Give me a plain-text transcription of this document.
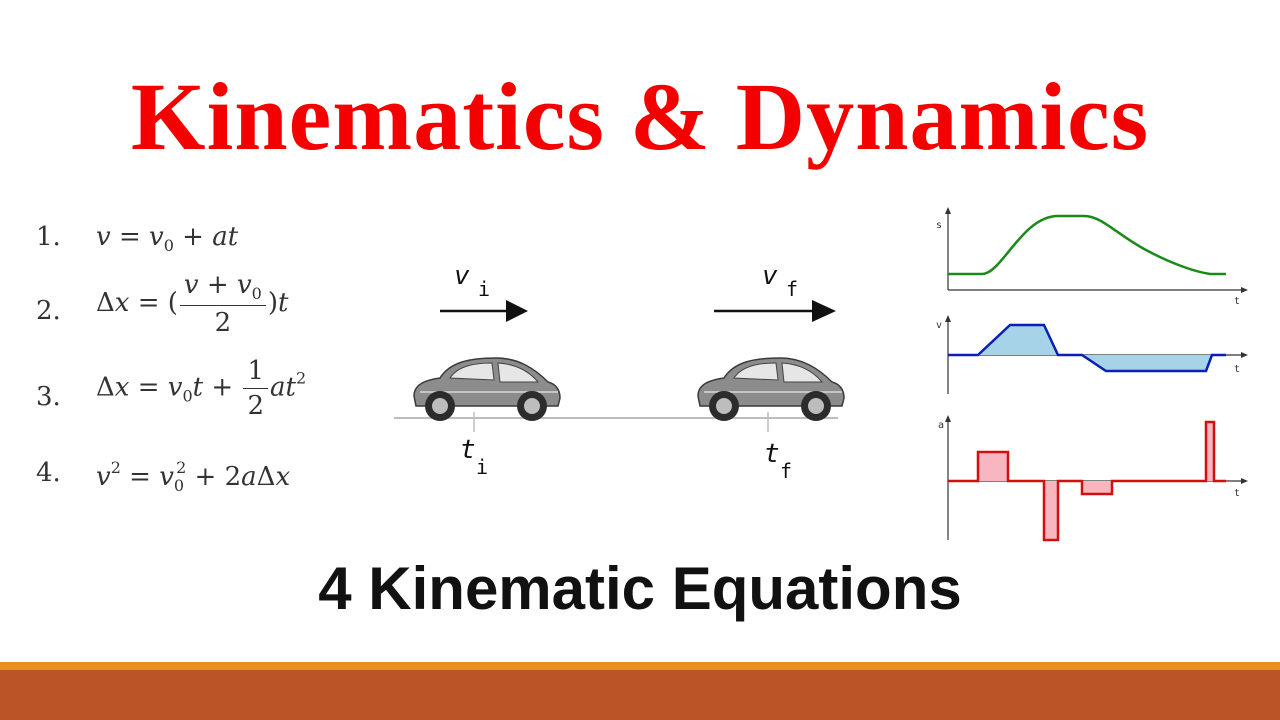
Kinematics & Dynamics
1.	$v = v_0$ + at
2.	Δx = ( $\frac{v + v_0}{2} )t$
3.	$\Delta x = v_0t + \frac{1}{2} at^2$
4.	$v^2 = v_0^2 + 2a\Delta x$
v i	v f
t
i	t
f
s
t
v
t
a
t
4 Kinematic Equations
